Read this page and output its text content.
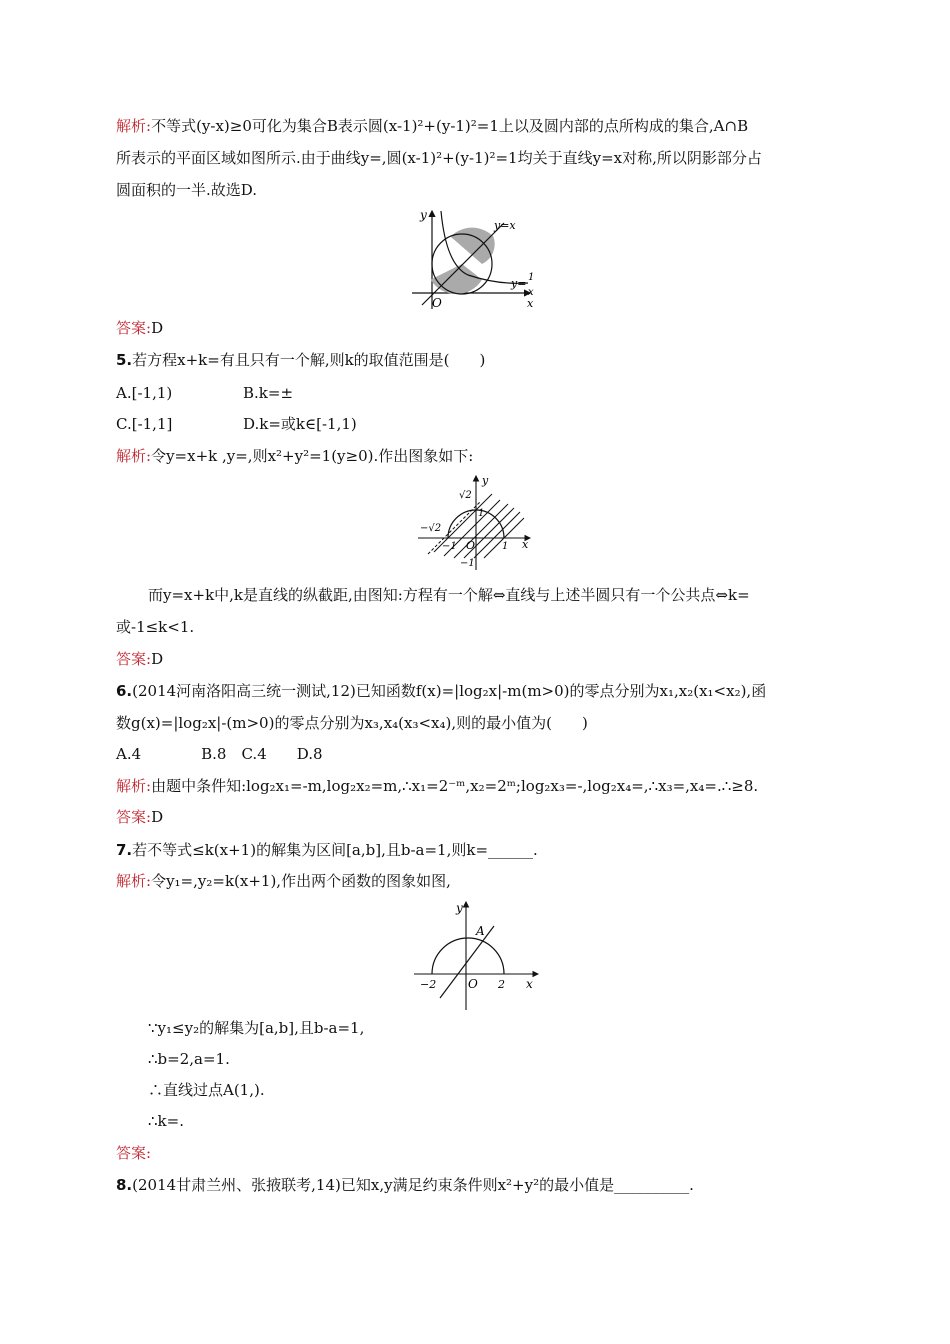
解析:不等式(y-x)≥0可化为集合B表示圆(x-1)²+(y-1)²=1上以及圆内部的点所构成的集合,A∩B
所表示的平面区域如图所示.由于曲线y=,圆(x-1)²+(y-1)²=1均关于直线y=x对称,所以阴影部分占
圆面积的一半.故选D.
y
y=x
y= 1
x
O	x
答案:D
5.若方程x+k=有且只有一个解,则k的取值范围是(　　)
A.[-1,1)	B.k=±
C.[-1,1]	D.k=或k∈[-1,1)
解析:令y=x+k ,y=,则x²+y²=1(y≥0).作出图象如下:
√2
y
−√2
−1
1
O	1 x
−1
而y=x+k中,k是直线的纵截距,由图知:方程有一个解⇔直线与上述半圆只有一个公共点⇔k=
或-1≤k<1.
答案:D
6.(2014河南洛阳高三统一测试,12)已知函数f(x)=|log₂x|-m(m>0)的零点分别为x₁,x₂(x₁<x₂),函
数g(x)=|log₂x|-(m>0)的零点分别为x₃,x₄(x₃<x₄),则的最小值为(　　)
A.4　　　　B.8　C.4　　D.8
解析:由题中条件知:log₂x₁=-m,log₂x₂=m,∴x₁=2⁻ᵐ,x₂=2ᵐ;log₂x₃=-,log₂x₄=,∴x₃=,x₄=.∴≥8.
答案:D
7.若不等式≤k(x+1)的解集为区间[a,b],且b-a=1,则k=______.
解析:令y₁=,y₂=k(x+1),作出两个函数的图象如图,
y
A
−2	O 2 x
∵y₁≤y₂的解集为[a,b],且b-a=1,
∴b=2,a=1.
∴直线过点A(1,).
∴k=.
答案:
8.(2014甘肃兰州、张掖联考,14)已知x,y满足约束条件则x²+y²的最小值是__________.
